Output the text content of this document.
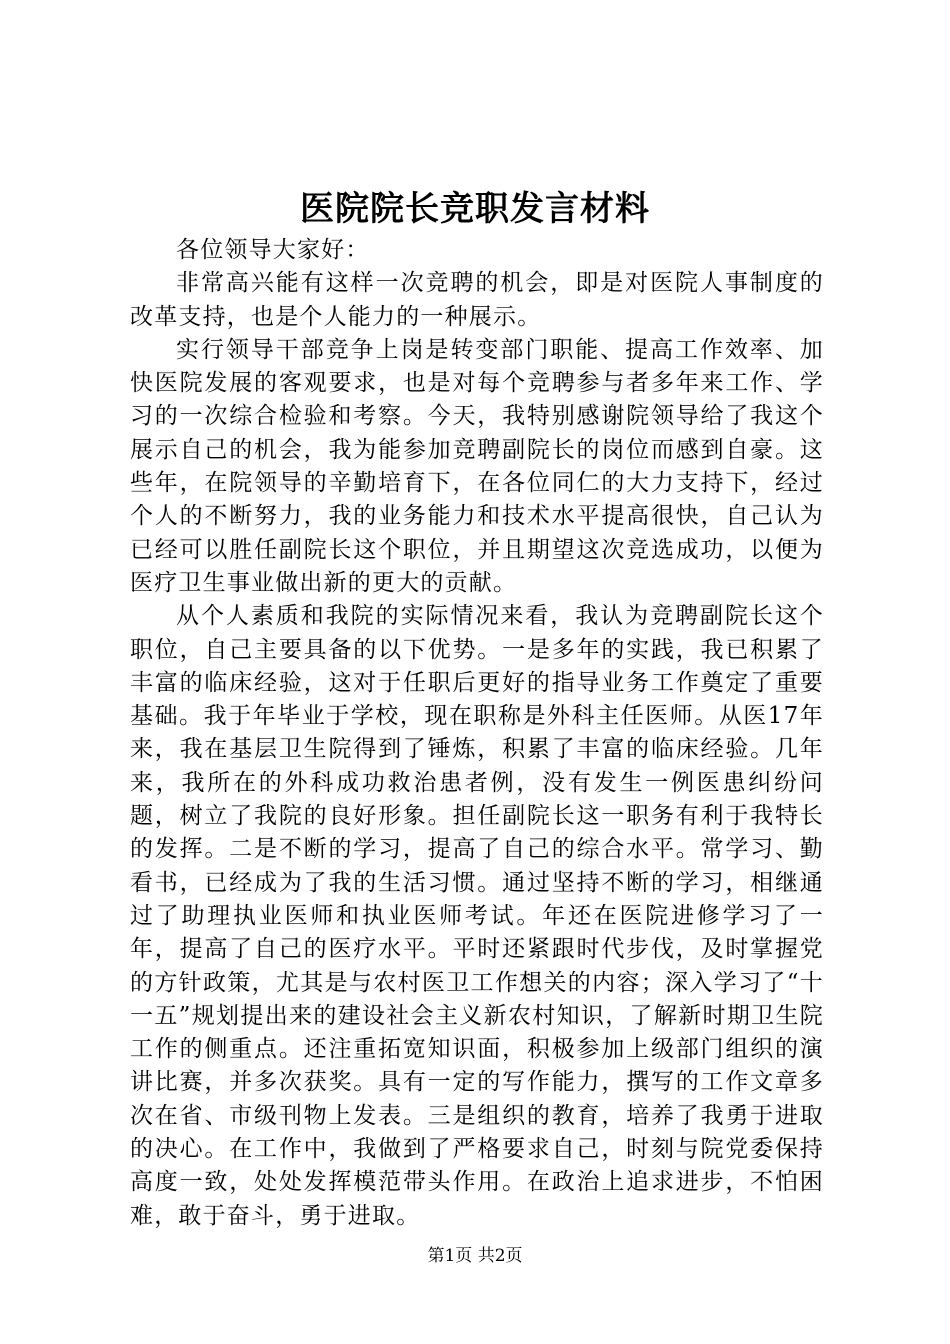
医院院长竞职发言材料

各位领导大家好：

非常高兴能有这样一次竞聘的机会，即是对医院人事制度的改革支持，也是个人能力的一种展示。

实行领导干部竞争上岗是转变部门职能、提高工作效率、加快医院发展的客观要求，也是对每个竞聘参与者多年来工作、学习的一次综合检验和考察。今天，我特别感谢院领导给了我这个展示自己的机会，我为能参加竞聘副院长的岗位而感到自豪。这些年，在院领导的辛勤培育下，在各位同仁的大力支持下，经过个人的不断努力，我的业务能力和技术水平提高很快，自己认为已经可以胜任副院长这个职位，并且期望这次竞选成功，以便为医疗卫生事业做出新的更大的贡献。

从个人素质和我院的实际情况来看，我认为竞聘副院长这个职位，自己主要具备的以下优势。一是多年的实践，我已积累了丰富的临床经验，这对于任职后更好的指导业务工作奠定了重要基础。我于年毕业于学校，现在职称是外科主任医师。从医17年来，我在基层卫生院得到了锤炼，积累了丰富的临床经验。几年来，我所在的外科成功救治患者例，没有发生一例医患纠纷问题，树立了我院的良好形象。担任副院长这一职务有利于我特长的发挥。二是不断的学习，提高了自己的综合水平。常学习、勤看书，已经成为了我的生活习惯。通过坚持不断的学习，相继通过了助理执业医师和执业医师考试。年还在医院进修学习了一年，提高了自己的医疗水平。平时还紧跟时代步伐，及时掌握党的方针政策，尤其是与农村医卫工作想关的内容；深入学习了“十一五”规划提出来的建设社会主义新农村知识，了解新时期卫生院工作的侧重点。还注重拓宽知识面，积极参加上级部门组织的演讲比赛，并多次获奖。具有一定的写作能力，撰写的工作文章多次在省、市级刊物上发表。三是组织的教育，培养了我勇于进取的决心。在工作中，我做到了严格要求自己，时刻与院党委保持高度一致，处处发挥模范带头作用。在政治上追求进步，不怕困难，敢于奋斗，勇于进取。

第1页 共2页
